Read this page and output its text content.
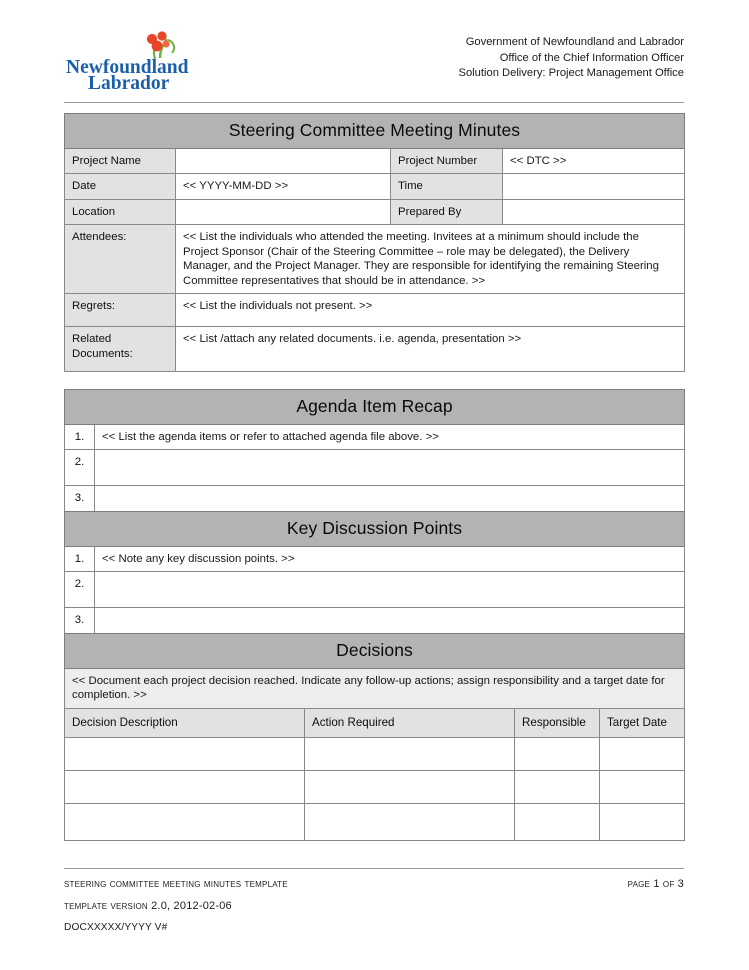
Newfoundland
Labrador
Government of Newfoundland and Labrador
Office of the Chief Information Officer
Solution Delivery: Project Management Office
Steering Committee Meeting Minutes			
Project Name		Project Number	<< DTC >>
Date	<< YYYY-MM-DD >>	Time	
Location		Prepared By	
Attendees:	<< List the individuals who attended the meeting. Invitees at a minimum should include the Project Sponsor (Chair of the Steering Committee – role may be delegated), the Delivery Manager, and the Project Manager. They are responsible for identifying the remaining Steering Committee representatives that should be in attendance. >>		
Regrets:	<< List the individuals not present. >>		
Related Documents:	<< List /attach any related documents. i.e. agenda, presentation >>		
Agenda Item Recap	
1.	<< List the agenda items or refer to attached agenda file above. >>
2.	
3.	
Key Discussion Points	
1.	<< Note any key discussion points. >>
2.	
3.	
Decisions			
<< Document each project decision reached. Indicate any follow-up actions; assign responsibility and a target date for completion. >>			
Decision Description	Action Required	Responsible	Target Date

steering committee meeting minutes template	page 1 of 3
template version 2.0, 2012-02-06
DOCXXXXX/YYYY V#
